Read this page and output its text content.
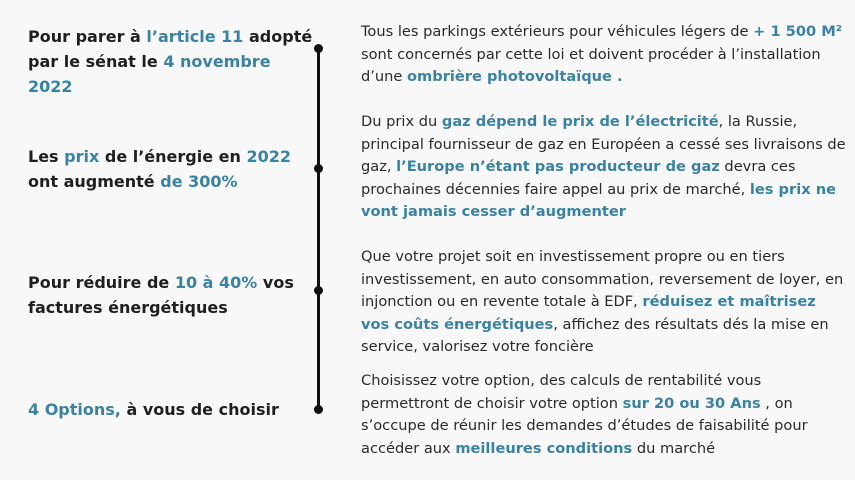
Pour parer à l’article 11 adopté par le sénat le 4 novembre 2022
Tous les parkings extérieurs pour véhicules légers de + 1 500 M² sont concernés par cette loi et doivent procéder à l’installation d’une ombrière photovoltaïque .
Les prix de l’énergie en 2022 ont augmenté de 300%
Du prix du gaz dépend le prix de l’électricité, la Russie, principal fournisseur de gaz en Européen a cessé ses livraisons de gaz, l’Europe n’étant pas producteur de gaz devra ces prochaines décennies faire appel au prix de marché, les prix ne vont jamais cesser d’augmenter
Pour réduire de 10 à 40% vos factures énergétiques
Que votre projet soit en investissement propre ou en tiers investissement, en auto consommation, reversement de loyer, en injonction ou en revente totale à EDF, réduisez et maîtrisez vos coûts énergétiques, affichez des résultats dés la mise en service, valorisez votre foncière
4 Options, à vous de choisir
Choisissez votre option, des calculs de rentabilité vous permettront de choisir votre option sur 20 ou 30 Ans , on s’occupe de réunir les demandes d’études de faisabilité pour accéder aux meilleures conditions du marché
